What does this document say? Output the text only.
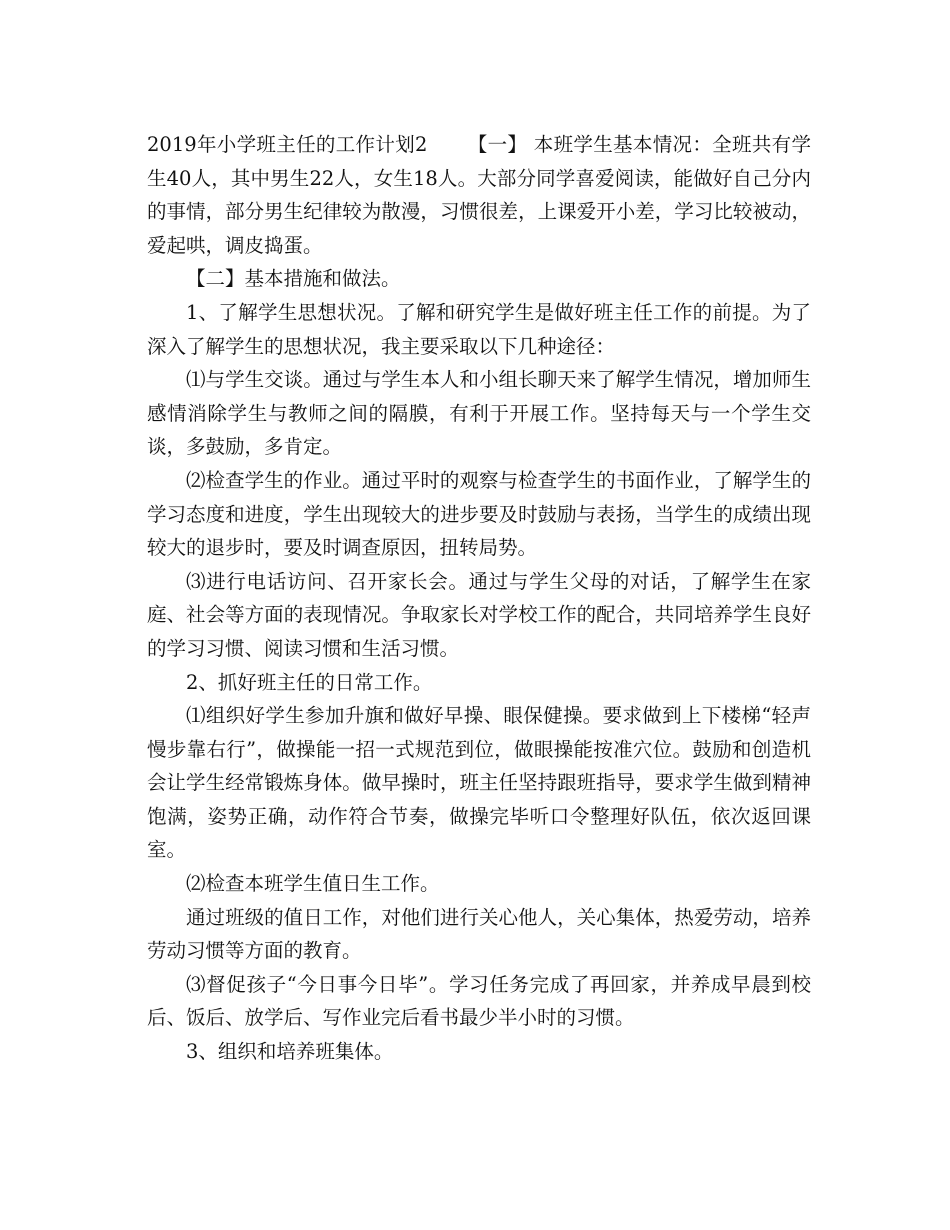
2019年小学班主任的工作计划2 【一】 本班学生基本情况：全班共有学生40人，其中男生22人，女生18人。大部分同学喜爱阅读，能做好自己分内的事情，部分男生纪律较为散漫，习惯很差，上课爱开小差，学习比较被动，爱起哄，调皮捣蛋。

【二】基本措施和做法。

1、了解学生思想状况。了解和研究学生是做好班主任工作的前提。为了深入了解学生的思想状况，我主要采取以下几种途径：

⑴与学生交谈。通过与学生本人和小组长聊天来了解学生情况，增加师生感情消除学生与教师之间的隔膜，有利于开展工作。坚持每天与一个学生交谈，多鼓励，多肯定。

⑵检查学生的作业。通过平时的观察与检查学生的书面作业，了解学生的学习态度和进度，学生出现较大的进步要及时鼓励与表扬，当学生的成绩出现较大的退步时，要及时调查原因，扭转局势。

⑶进行电话访问、召开家长会。通过与学生父母的对话，了解学生在家庭、社会等方面的表现情况。争取家长对学校工作的配合，共同培养学生良好的学习习惯、阅读习惯和生活习惯。

2、抓好班主任的日常工作。

⑴组织好学生参加升旗和做好早操、眼保健操。要求做到上下楼梯“轻声慢步靠右行”，做操能一招一式规范到位，做眼操能按准穴位。鼓励和创造机会让学生经常锻炼身体。做早操时，班主任坚持跟班指导，要求学生做到精神饱满，姿势正确，动作符合节奏，做操完毕听口令整理好队伍，依次返回课室。

⑵检查本班学生值日生工作。

通过班级的值日工作，对他们进行关心他人，关心集体，热爱劳动，培养劳动习惯等方面的教育。

⑶督促孩子“今日事今日毕”。学习任务完成了再回家，并养成早晨到校后、饭后、放学后、写作业完后看书最少半小时的习惯。

3、组织和培养班集体。
